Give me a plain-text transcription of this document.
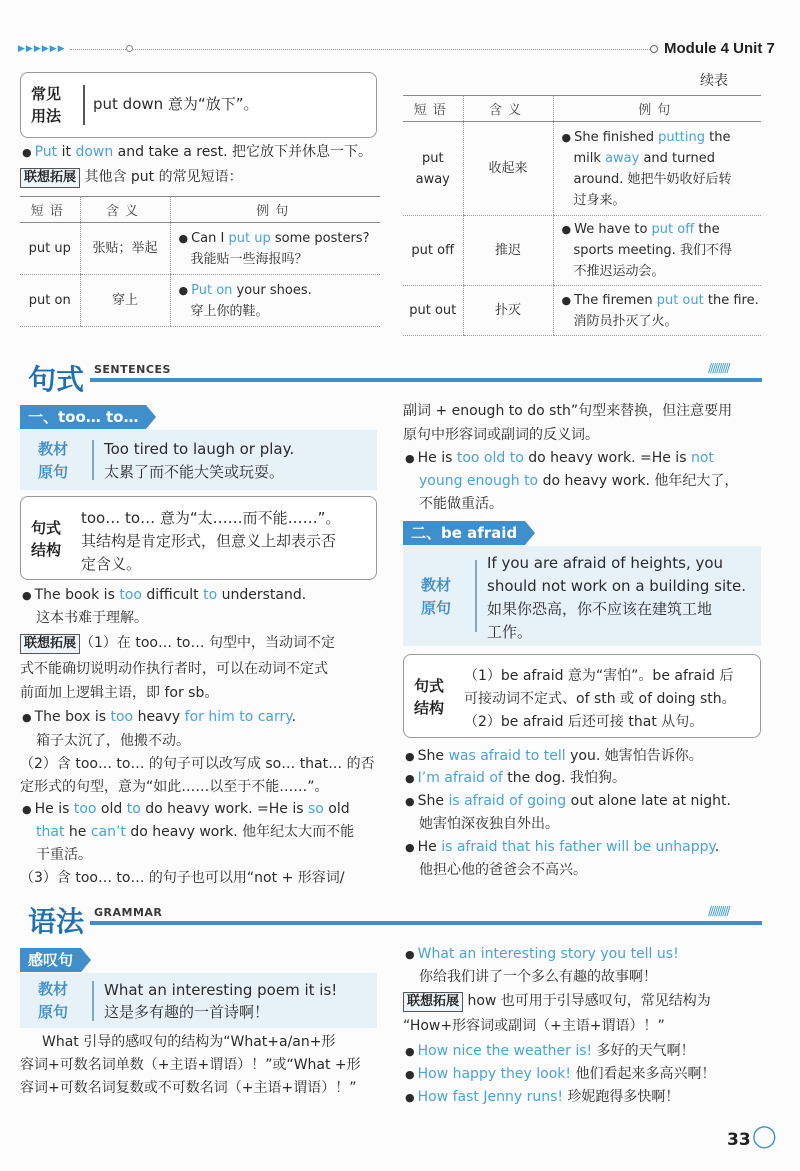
▶▶▶▶▶▶	Module 4 Unit 7
常见
用法
put down 意为“放下”。
● Put it down and take a rest. 把它放下并休息一下。
联想拓展 其他含 put 的常见短语：
短语	含义	例句
put up	张贴；举起	● Can I put up some posters?
我能贴一些海报吗？
put on	穿上	● Put on your shoes.
穿上你的鞋。
续表
短语	含义	例句
put away	收起来	● She finished putting the
milk away and turned
around. 她把牛奶收好后转
过身来。
put off	推迟	● We have to put off the
sports meeting. 我们不得
不推迟运动会。
put out	扑灭	● The firemen put out the fire.
消防员扑灭了火。
句式 SENTENCES	//////////
一、too… to…
教材
原句
Too tired to laugh or play.
太累了而不能大笑或玩耍。
句式
结构
too… to… 意为“太……而不能……”。
其结构是肯定形式，但意义上却表示否
定含义。
● The book is too difficult to understand.
这本书难于理解。
联想拓展 （1）在 too… to… 句型中，当动词不定
式不能确切说明动作执行者时，可以在动词不定式
前面加上逻辑主语，即 for sb。
● The box is too heavy for him to carry.
箱子太沉了，他搬不动。
（2）含 too… to… 的句子可以改写成 so… that… 的否
定形式的句型，意为“如此……以至于不能……”。
● He is too old to do heavy work. =He is so old
that he can’t do heavy work. 他年纪太大而不能
干重活。
（3）含 too… to… 的句子也可以用“not + 形容词/
副词 + enough to do sth”句型来替换，但注意要用
原句中形容词或副词的反义词。
● He is too old to do heavy work. =He is not
young enough to do heavy work. 他年纪大了，
不能做重活。
二、be afraid
教材
原句
If you are afraid of heights, you
should not work on a building site.
如果你恐高，你不应该在建筑工地
工作。
句式
结构
（1）be afraid 意为“害怕”。be afraid 后
可接动词不定式、of sth 或 of doing sth。
（2）be afraid 后还可接 that 从句。
● She was afraid to tell you. 她害怕告诉你。
● I’m afraid of the dog. 我怕狗。
● She is afraid of going out alone late at night.
她害怕深夜独自外出。
● He is afraid that his father will be unhappy.
他担心他的爸爸会不高兴。
语法 GRAMMAR	//////////
感叹句
教材
原句
What an interesting poem it is!
这是多有趣的一首诗啊！
What 引导的感叹句的结构为“What+a/an+形
容词+可数名词单数（+主语+谓语）！”或“What +形
容词+可数名词复数或不可数名词（+主语+谓语）！”
● What an interesting story you tell us!
你给我们讲了一个多么有趣的故事啊！
联想拓展 how 也可用于引导感叹句，常见结构为
“How+形容词或副词（+主语+谓语）！”
● How nice the weather is! 多好的天气啊！
● How happy they look! 他们看起来多高兴啊！
● How fast Jenny runs! 珍妮跑得多快啊！
33 ◯
